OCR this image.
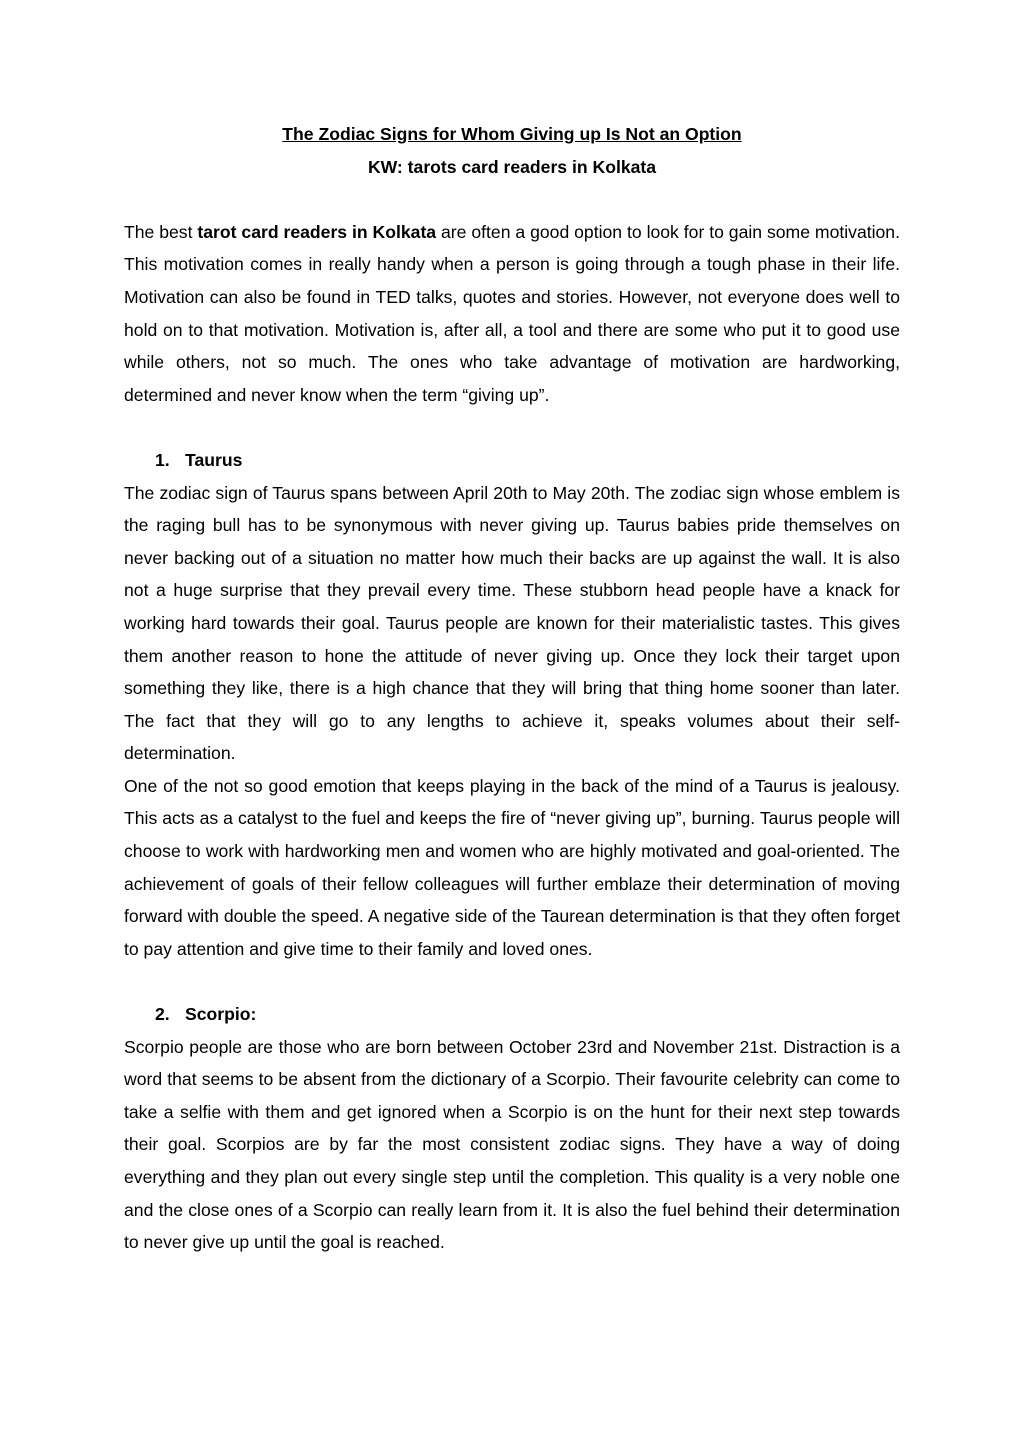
The Zodiac Signs for Whom Giving up Is Not an Option
KW: tarots card readers in Kolkata

The best tarot card readers in Kolkata are often a good option to look for to gain some motivation. This motivation comes in really handy when a person is going through a tough phase in their life. Motivation can also be found in TED talks, quotes and stories. However, not everyone does well to hold on to that motivation. Motivation is, after all, a tool and there are some who put it to good use while others, not so much. The ones who take advantage of motivation are hardworking, determined and never know when the term “giving up”.

1. Taurus

The zodiac sign of Taurus spans between April 20th to May 20th. The zodiac sign whose emblem is the raging bull has to be synonymous with never giving up. Taurus babies pride themselves on never backing out of a situation no matter how much their backs are up against the wall. It is also not a huge surprise that they prevail every time. These stubborn head people have a knack for working hard towards their goal. Taurus people are known for their materialistic tastes. This gives them another reason to hone the attitude of never giving up. Once they lock their target upon something they like, there is a high chance that they will bring that thing home sooner than later. The fact that they will go to any lengths to achieve it, speaks volumes about their self-determination.

One of the not so good emotion that keeps playing in the back of the mind of a Taurus is jealousy. This acts as a catalyst to the fuel and keeps the fire of “never giving up”, burning. Taurus people will choose to work with hardworking men and women who are highly motivated and goal-oriented. The achievement of goals of their fellow colleagues will further emblaze their determination of moving forward with double the speed. A negative side of the Taurean determination is that they often forget to pay attention and give time to their family and loved ones.

2. Scorpio:

Scorpio people are those who are born between October 23rd and November 21st. Distraction is a word that seems to be absent from the dictionary of a Scorpio. Their favourite celebrity can come to take a selfie with them and get ignored when a Scorpio is on the hunt for their next step towards their goal. Scorpios are by far the most consistent zodiac signs. They have a way of doing everything and they plan out every single step until the completion. This quality is a very noble one and the close ones of a Scorpio can really learn from it. It is also the fuel behind their determination to never give up until the goal is reached.
